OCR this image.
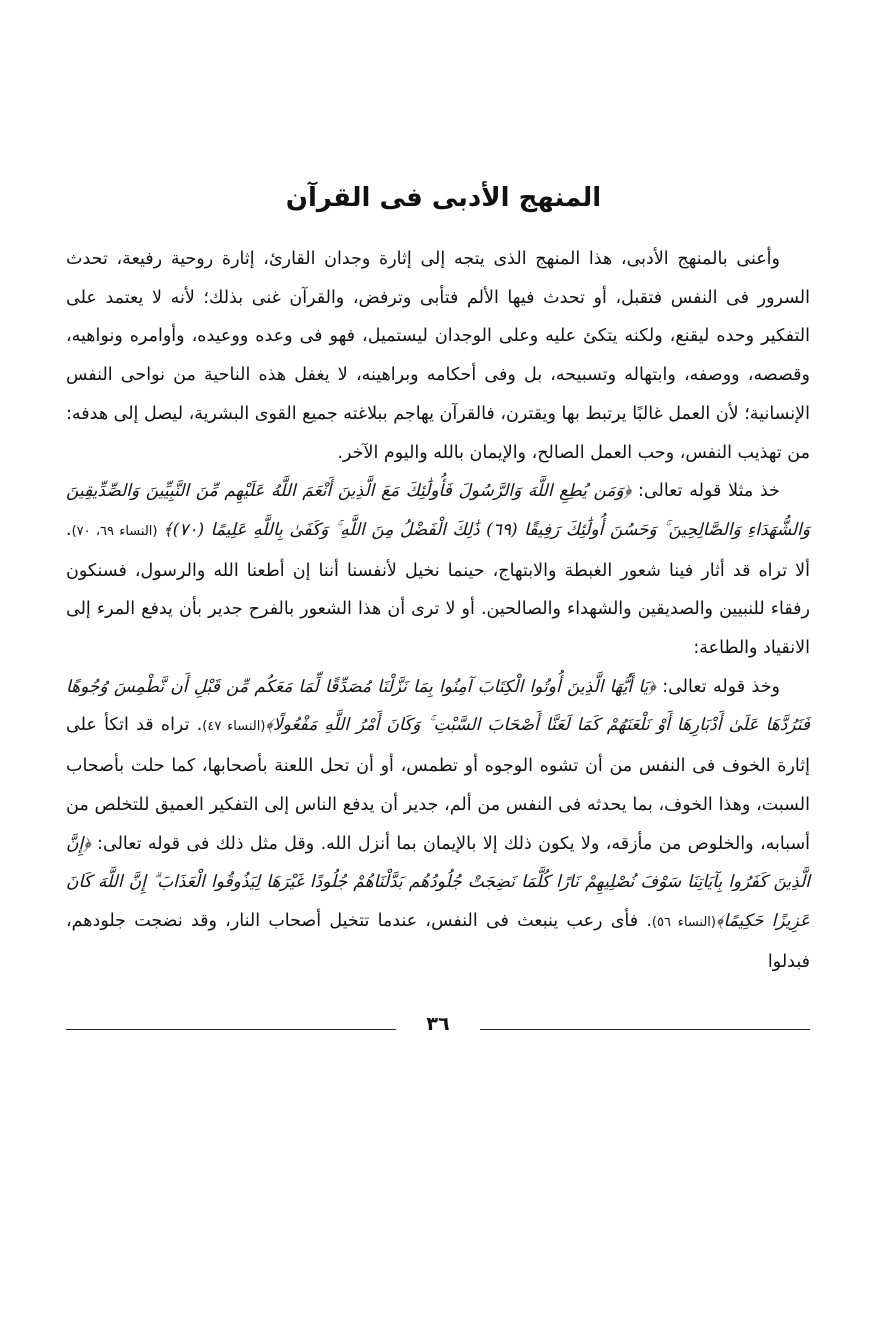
المنهج الأدبى فى القرآن

وأعنى بالمنهج الأدبى، هذا المنهج الذى يتجه إلى إثارة وجدان القارئ، إثارة روحية رفيعة، تحدث السرور فى النفس فتقبل، أو تحدث فيها الألم فتأبى وترفض، والقرآن غنى بذلك؛ لأنه لا يعتمد على التفكير وحده ليقنع، ولكنه يتكئ عليه وعلى الوجدان ليستميل، فهو فى وعده ووعيده، وأوامره ونواهيه، وقصصه، ووصفه، وابتهاله وتسبيحه، بل وفى أحكامه وبراهينه، لا يغفل هذه الناحية من نواحى النفس الإنسانية؛ لأن العمل غالبًا يرتبط بها ويقترن، فالقرآن يهاجم ببلاغته جميع القوى البشرية، ليصل إلى هدفه: من تهذيب النفس، وحب العمل الصالح، والإيمان بالله واليوم الآخر.

خذ مثلا قوله تعالى: ﴿وَمَن يُطِعِ اللَّهَ وَالرَّسُولَ فَأُولَٰئِكَ مَعَ الَّذِينَ أَنْعَمَ اللَّهُ عَلَيْهِم مِّنَ النَّبِيِّينَ وَالصِّدِّيقِينَ وَالشُّهَدَاءِ وَالصَّالِحِينَ ۚ وَحَسُنَ أُولَٰئِكَ رَفِيقًا (٦٩) ذَٰلِكَ الْفَضْلُ مِنَ اللَّهِ ۚ وَكَفَىٰ بِاللَّهِ عَلِيمًا (٧٠)﴾ (النساء ٦٩، ٧٠). ألا تراه قد أثار فينا شعور الغبطة والابتهاج، حينما نخيل لأنفسنا أننا إن أطعنا الله والرسول، فسنكون رفقاء للنبيين والصديقين والشهداء والصالحين. أو لا ترى أن هذا الشعور بالفرح جدير بأن يدفع المرء إلى الانقياد والطاعة:

وخذ قوله تعالى: ﴿يَا أَيُّهَا الَّذِينَ أُوتُوا الْكِتَابَ آمِنُوا بِمَا نَزَّلْنَا مُصَدِّقًا لِّمَا مَعَكُم مِّن قَبْلِ أَن نَّطْمِسَ وُجُوهًا فَنَرُدَّهَا عَلَىٰ أَدْبَارِهَا أَوْ نَلْعَنَهُمْ كَمَا لَعَنَّا أَصْحَابَ السَّبْتِ ۚ وَكَانَ أَمْرُ اللَّهِ مَفْعُولًا﴾(النساء ٤٧). تراه قد اتكأ على إثارة الخوف فى النفس من أن تشوه الوجوه أو تطمس، أو أن تحل اللعنة بأصحابها، كما حلت بأصحاب السبت، وهذا الخوف، بما يحدثه فى النفس من ألم، جدير أن يدفع الناس إلى التفكير العميق للتخلص من أسبابه، والخلوص من مأزقه، ولا يكون ذلك إلا بالإيمان بما أنزل الله. وقل مثل ذلك فى قوله تعالى: ﴿إِنَّ الَّذِينَ كَفَرُوا بِآيَاتِنَا سَوْفَ نُصْلِيهِمْ نَارًا كُلَّمَا نَضِجَتْ جُلُودُهُم بَدَّلْنَاهُمْ جُلُودًا غَيْرَهَا لِيَذُوقُوا الْعَذَابَ ۗ إِنَّ اللَّهَ كَانَ عَزِيزًا حَكِيمًا﴾(النساء ٥٦). فأى رعب ينبعث فى النفس، عندما تتخيل أصحاب النار، وقد نضجت جلودهم، فبدلوا

٣٦
